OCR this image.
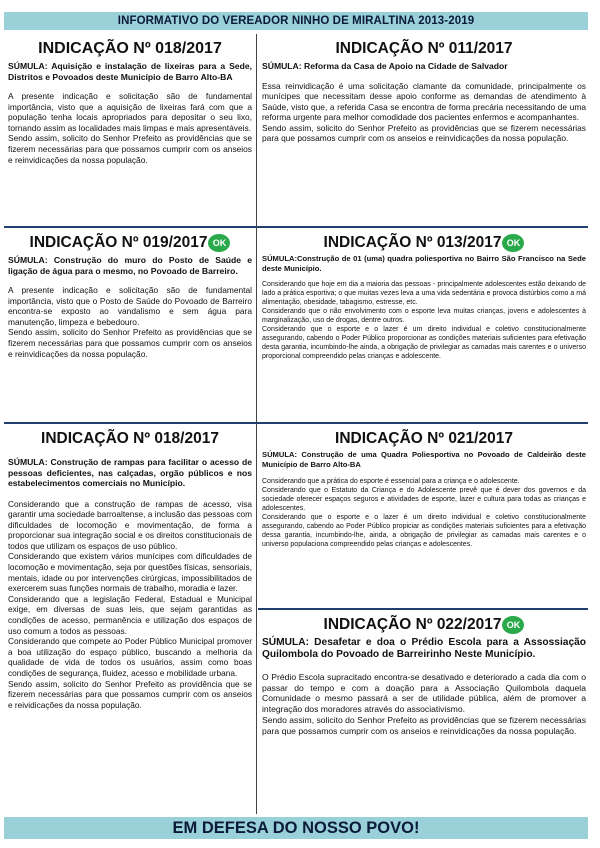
INFORMATIVO DO VEREADOR NINHO DE MIRALTINA 2013-2019
INDICAÇÃO Nº 018/2017
SÚMULA: Aquisição e instalação de lixeiras para a Sede, Distritos e Povoados deste Município de Barro Alto-BA

A presente indicação e solicitação são de fundamental importância, visto que a aquisição de lixeiras fará com que a população tenha locais apropriados para depositar o seu lixo, tornando assim as localidades mais limpas e mais apresentáveis.

Sendo assim, solicito do Senhor Prefeito as providências que se fizerem necessárias para que possamos cumprir com os anseios e reinvidicações da nossa população.

INDICAÇÃO Nº 011/2017
SÚMULA: Reforma da Casa de Apoio na Cidade de Salvador

Essa reinvidicação é uma solicitação clamante da comunidade, principalmente os munícipes que necessitam desse apoio conforme as demandas de atendimento à Saúde, visto que, a referida Casa se encontra de forma precária necessitando de uma reforma urgente para melhor comodidade dos pacientes enfermos e acompanhantes.

Sendo assim, solicito do Senhor Prefeito as providências que se fizerem necessárias para que possamos cumprir com os anseios e reinvidicações da nossa população.

INDICAÇÃO Nº 019/2017 OK
SÚMULA: Construção do muro do Posto de Saúde e ligação de água para o mesmo, no Povoado de Barreiro.

A presente indicação e solicitação são de fundamental importância, visto que o Posto de Saúde do Povoado de Barreiro encontra-se exposto ao vandalismo e sem água para manutenção, limpeza e bebedouro.

Sendo assim, solicito do Senhor Prefeito as providências que se fizerem necessárias para que possamos cumprir com os anseios e reinvidicações da nossa população.

INDICAÇÃO Nº 013/2017 OK
SÚMULA:Construção de 01 (uma) quadra poliesportiva no Bairro São Francisco na Sede deste Município.

Considerando que hoje em dia a maioria das pessoas - principalmente adolescentes estão deixando de lado a prática esportiva; o que muitas vezes leva a uma vida sedentária e provoca distúrbios como a má alimentação, obesidade, tabagismo, estresse, etc.

Considerando que o não envolvimento com o esporte leva muitas crianças, jovens e adolescentes à marginalização, uso de drogas, dentre outros.

Considerando que o esporte e o lazer é um direito individual e coletivo constitucionalmente assegurando, cabendo o Poder Público proporcionar as condições materiais suficientes para efetivação desta garantia, incumbindo-lhe ainda, a obrigação de privilegiar as camadas mais carentes e o universo proporcional compreendido pelas crianças e adolescente.

INDICAÇÃO Nº 018/2017
SÚMULA: Construção de rampas para facilitar o acesso de pessoas deficientes, nas calçadas, orgão públicos e nos estabelecimentos comerciais no Município.

Considerando que a construção de rampas de acesso, visa garantir uma sociedade barroaltense, a inclusão das pessoas com dificuldades de locomoção e movimentação, de forma a proporcionar sua integração social e os direitos constitucionais de todos que utilizam os espaços de uso público.

Considerando que existem vários munícipes com dificuldades de locomoção e movimentação, seja por questões físicas, sensoriais, mentais, idade ou por intervenções cirúrgicas, impossibilitados de exercerem suas funções normais de trabalho, moradia e lazer.

Considerando que a legislação Federal, Estadual e Municipal exige, em diversas de suas leis, que sejam garantidas as condições de acesso, permanência e utilização dos espaços de uso comum a todos as pessoas.

Considerando que compete ao Poder Público Municipal promover a boa utilização do espaço público, buscando a melhoria da qualidade de vida de todos os usuários, assim como boas condições de segurança, fluidez, acesso e mobilidade urbana.

Sendo assim, solicito do Senhor Prefeito as providência que se fizerem necessárias para que possamos cumprir com os anseios e reividicações da nossa população.

INDICAÇÃO Nº 021/2017
SÚMULA: Construção de uma Quadra Poliesportiva no Povoado de Caldeirão deste Município de Barro Alto-BA

Considerando que a prática do esporte é essencial para a criança e o adolescente.

Considerando que o Estatuto da Criança e do Adolescente prevê que é dever dos governos e da sociedade oferecer espaços seguros e atividades de esporte, lazer e cultura para todas as crianças e adolescentes.

Considerando que o esporte e o lazer é um direito individual e coletivo constitucionalmente assegurando, cabendo ao Poder Público propiciar as condições materiais suficientes para a efetivação dessa garantia, incumbindo-lhe, ainda, a obrigação de privilegiar as camadas mais carentes e o universo populaciona compreendido pelas crianças e adolescentes.

INDICAÇÃO Nº 022/2017 OK
SÚMULA: Desafetar e doa o Prédio Escola para a Assossiação Quilombola do Povoado de Barreirinho Neste Município.

O Prédio Escola supracitado encontra-se desativado e deteriorado a cada dia com o passar do tempo e com a doação para a Associação Quilombola daquela Comunidade o mesmo passará a ser de utilidade pública, além de promover a integração dos moradores através do associativismo.

Sendo assim, solicito do Senhor Prefeito as providências que se fizerem necessárias para que possamos cumprir com os anseios e reinvidicações da nossa população.

EM DEFESA DO NOSSO POVO!
